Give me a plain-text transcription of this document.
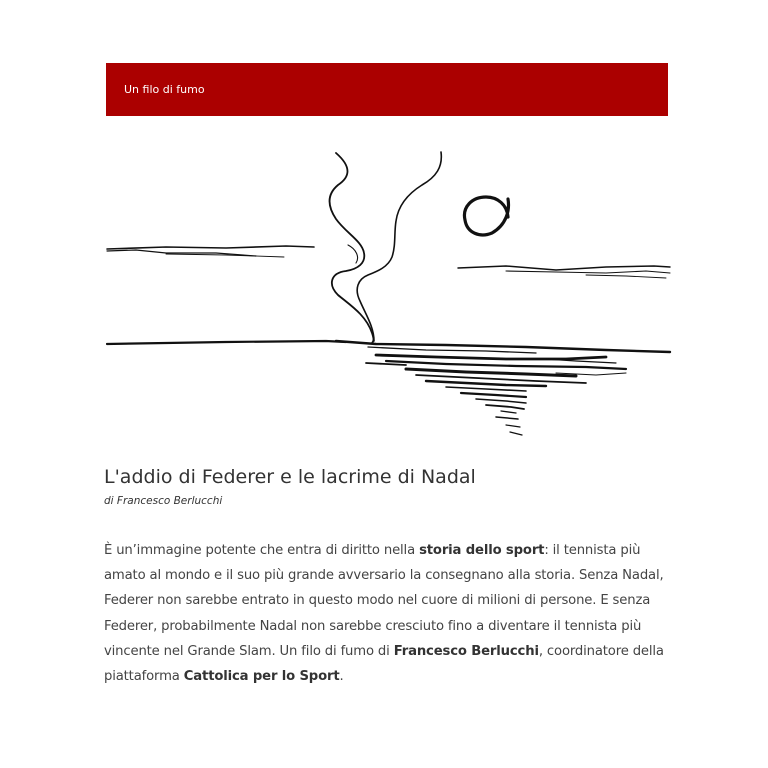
Un filo di fumo
L'addio di Federer e le lacrime di Nadal

di Francesco Berlucchi

È un’immagine potente che entra di diritto nella storia dello sport: il tennista più amato al mondo e il suo più grande avversario la consegnano alla storia. Senza Nadal, Federer non sarebbe entrato in questo modo nel cuore di milioni di persone. E senza Federer, probabilmente Nadal non sarebbe cresciuto fino a diventare il tennista più vincente nel Grande Slam. Un filo di fumo di Francesco Berlucchi, coordinatore della piattaforma Cattolica per lo Sport.
